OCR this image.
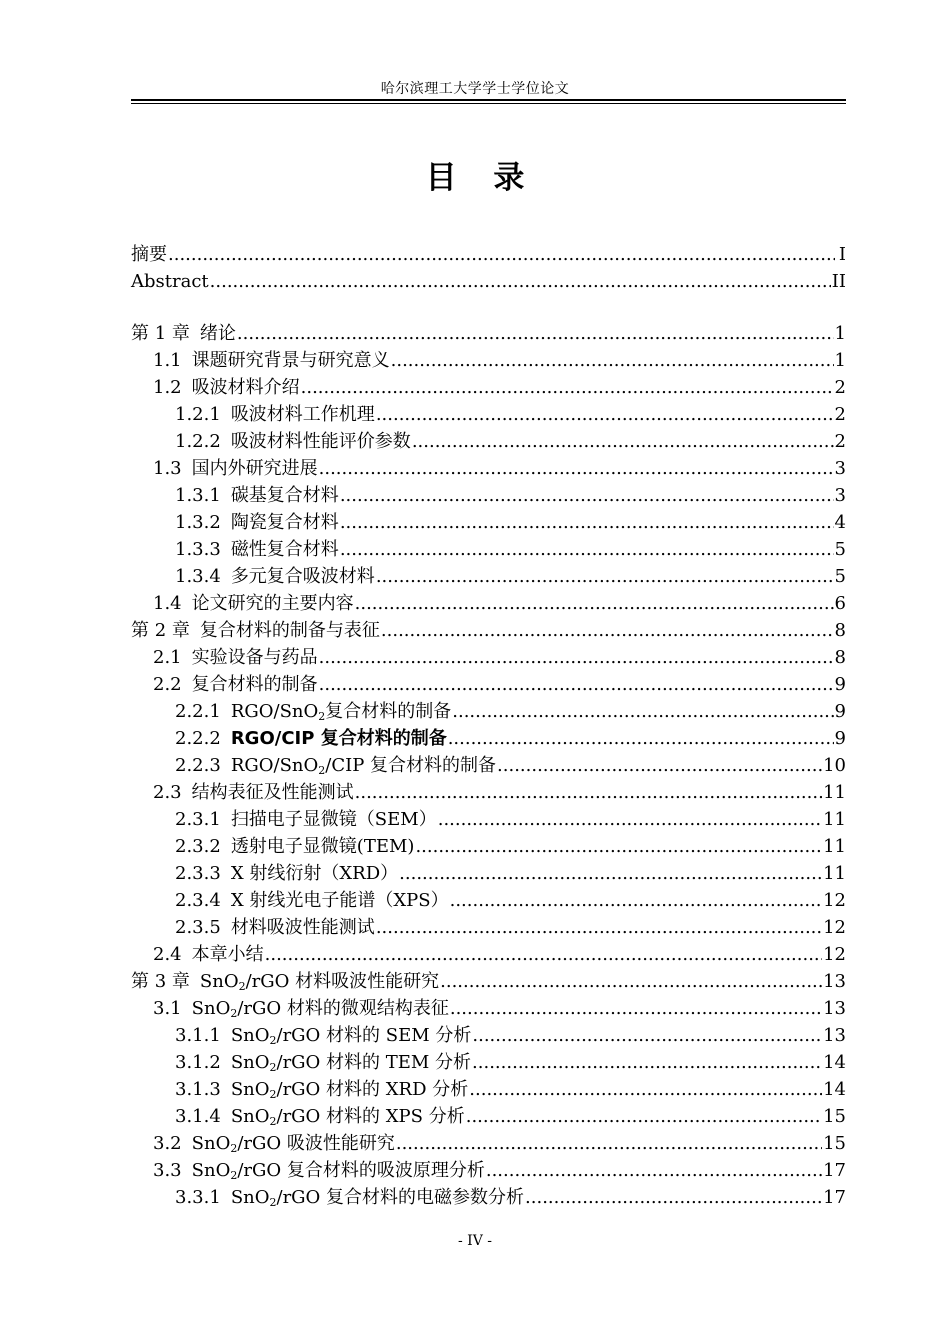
哈尔滨理工大学学士学位论文
目 录
摘要 .....	I
Abstract .....	II
第 1 章 绪论 .....	1
1.1 课题研究背景与研究意义 .....	1
1.2 吸波材料介绍 .....	2
1.2.1 吸波材料工作机理 .....	2
1.2.2 吸波材料性能评价参数 .....	2
1.3 国内外研究进展 .....	3
1.3.1 碳基复合材料 .....	3
1.3.2 陶瓷复合材料 .....	4
1.3.3 磁性复合材料 .....	5
1.3.4 多元复合吸波材料 .....	5
1.4 论文研究的主要内容 .....	6
第 2 章 复合材料的制备与表征 .....	8
2.1 实验设备与药品 .....	8
2.2 复合材料的制备 .....	9
2.2.1 RGO/SnO$_2$复合材料的制备 .....	9
2.2.2 RGO/CIP 复合材料的制备 .....	9
2.2.3 RGO/SnO$_2$/CIP 复合材料的制备 .....	10
2.3 结构表征及性能测试 .....	11
2.3.1 扫描电子显微镜（SEM） .....	11
2.3.2 透射电子显微镜(TEM) .....	11
2.3.3 X 射线衍射（XRD） .....	11
2.3.4 X 射线光电子能谱（XPS） .....	12
2.3.5 材料吸波性能测试 .....	12
2.4 本章小结 .....	12
第 3 章 SnO$_2$/rGO 材料吸波性能研究 .....	13
3.1 SnO$_2$/rGO 材料的微观结构表征 .....	13
3.1.1 SnO$_2$/rGO 材料的 SEM 分析 .....	13
3.1.2 SnO$_2$/rGO 材料的 TEM 分析 .....	14
3.1.3 SnO$_2$/rGO 材料的 XRD 分析 .....	14
3.1.4 SnO$_2$/rGO 材料的 XPS 分析 .....	15
3.2 SnO$_2$/rGO 吸波性能研究 .....	15
3.3 SnO$_2$/rGO 复合材料的吸波原理分析 .....	17
3.3.1 SnO$_2$/rGO 复合材料的电磁参数分析 .....	17
- IV -
